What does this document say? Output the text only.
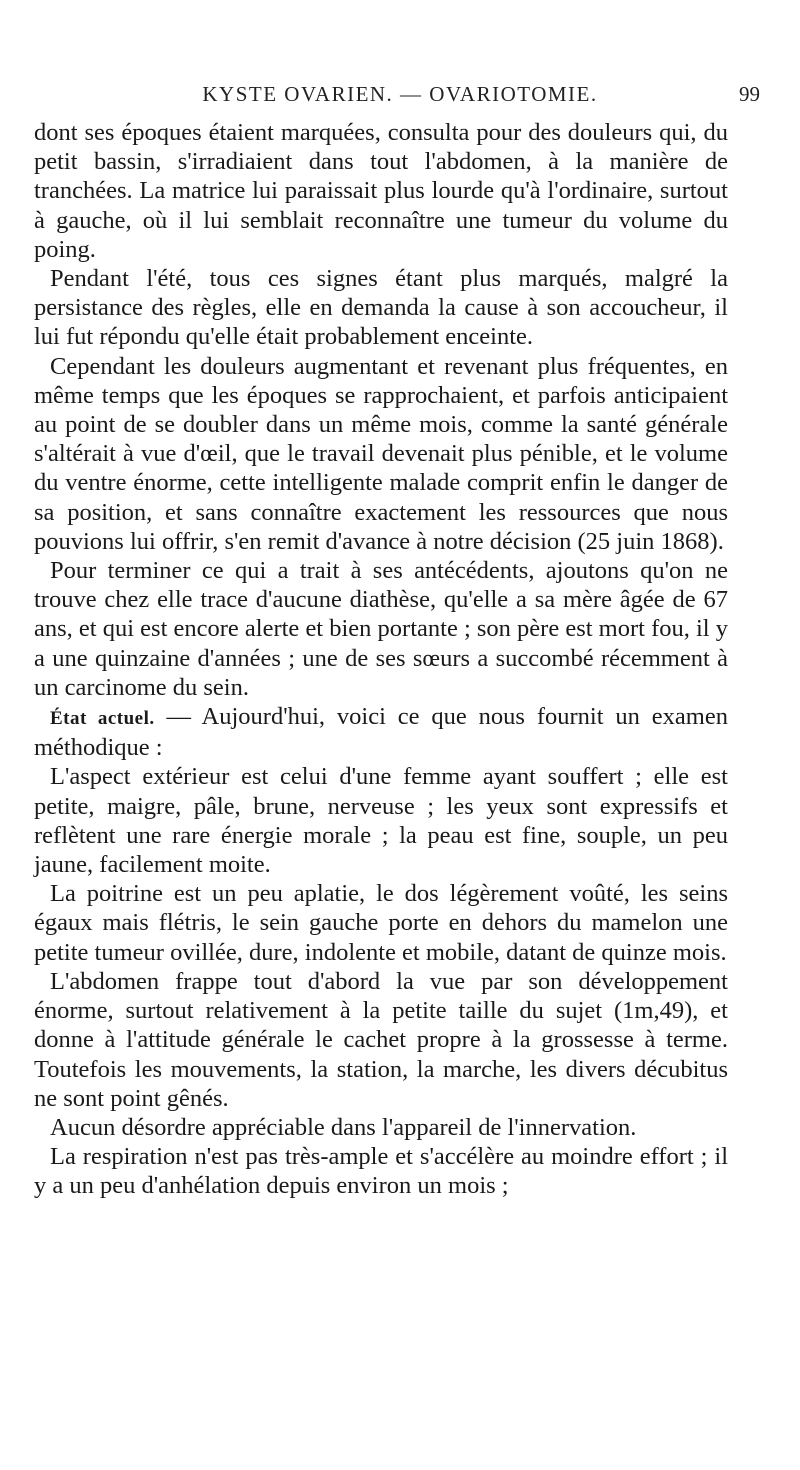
KYSTE OVARIEN. — OVARIOTOMIE.	99

dont ses époques étaient marquées, consulta pour des douleurs qui, du petit bassin, s'irradiaient dans tout l'abdomen, à la manière de tranchées. La matrice lui paraissait plus lourde qu'à l'ordinaire, surtout à gauche, où il lui semblait reconnaître une tumeur du volume du poing.

Pendant l'été, tous ces signes étant plus marqués, malgré la persistance des règles, elle en demanda la cause à son accoucheur, il lui fut répondu qu'elle était probablement enceinte.

Cependant les douleurs augmentant et revenant plus fréquentes, en même temps que les époques se rapprochaient, et parfois anticipaient au point de se doubler dans un même mois, comme la santé générale s'altérait à vue d'œil, que le travail devenait plus pénible, et le volume du ventre énorme, cette intelligente malade comprit enfin le danger de sa position, et sans connaître exactement les ressources que nous pouvions lui offrir, s'en remit d'avance à notre décision (25 juin 1868).

Pour terminer ce qui a trait à ses antécédents, ajoutons qu'on ne trouve chez elle trace d'aucune diathèse, qu'elle a sa mère âgée de 67 ans, et qui est encore alerte et bien portante ; son père est mort fou, il y a une quinzaine d'années ; une de ses sœurs a succombé récemment à un carcinome du sein.

État actuel. — Aujourd'hui, voici ce que nous fournit un examen méthodique :

L'aspect extérieur est celui d'une femme ayant souffert ; elle est petite, maigre, pâle, brune, nerveuse ; les yeux sont expressifs et reflètent une rare énergie morale ; la peau est fine, souple, un peu jaune, facilement moite.

La poitrine est un peu aplatie, le dos légèrement voûté, les seins égaux mais flétris, le sein gauche porte en dehors du mamelon une petite tumeur ovillée, dure, indolente et mobile, datant de quinze mois.

L'abdomen frappe tout d'abord la vue par son développement énorme, surtout relativement à la petite taille du sujet (1m,49), et donne à l'attitude générale le cachet propre à la grossesse à terme. Toutefois les mouvements, la station, la marche, les divers décubitus ne sont point gênés.

Aucun désordre appréciable dans l'appareil de l'innervation.

La respiration n'est pas très-ample et s'accélère au moindre effort ; il y a un peu d'anhélation depuis environ un mois ;
